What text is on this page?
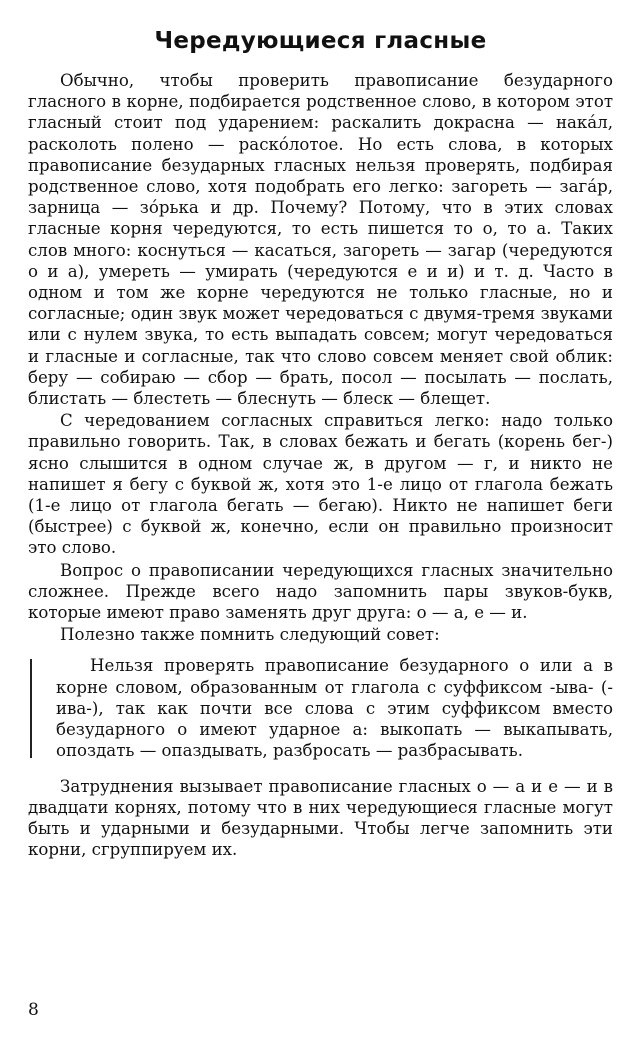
Чередующиеся гласные

Обычно, чтобы проверить правописание безударного гласного в корне, подбирается родственное слово, в котором этот гласный стоит под ударением: раскалить докрасна — накáл, расколоть полено — раскóлотое. Но есть слова, в которых правописание безударных гласных нельзя проверять, подбирая родственное слово, хотя подобрать его легко: загореть — загáр, зарница — зóрька и др. Почему? Потому, что в этих словах гласные корня чередуются, то есть пишется то о, то а. Таких слов много: коснуться — касаться, загореть — загар (чередуются о и а), умереть — умирать (чередуются е и и) и т. д. Часто в одном и том же корне чередуются не только гласные, но и согласные; один звук может чередоваться с двумя-тремя звуками или с нулем звука, то есть выпадать совсем; могут чередоваться и гласные и согласные, так что слово совсем меняет свой облик: беру — собираю — сбор — брать, посол — посылать — послать, блистать — блестеть — блеснуть — блеск — блещет.

С чередованием согласных справиться легко: надо только правильно говорить. Так, в словах бежать и бегать (корень бег-) ясно слышится в одном случае ж, в другом — г, и никто не напишет я бегу с буквой ж, хотя это 1-е лицо от глагола бежать (1-е лицо от глагола бегать — бегаю). Никто не напишет беги (быстрее) с буквой ж, конечно, если он правильно произносит это слово.

Вопрос о правописании чередующихся гласных значительно сложнее. Прежде всего надо запомнить пары звуков-букв, которые имеют право заменять друг друга: о — а, е — и.

Полезно также помнить следующий совет:

Нельзя проверять правописание безударного о или а в корне словом, образованным от глагола с суффиксом -ыва- (-ива-), так как почти все слова с этим суффиксом вместо безударного о имеют ударное а: выкопать — выкапывать, опоздать — опаздывать, разбросать — разбрасывать.

Затруднения вызывает правописание гласных о — а и е — и в двадцати корнях, потому что в них чередующиеся гласные могут быть и ударными и безударными. Чтобы легче запомнить эти корни, сгруппируем их.

8
